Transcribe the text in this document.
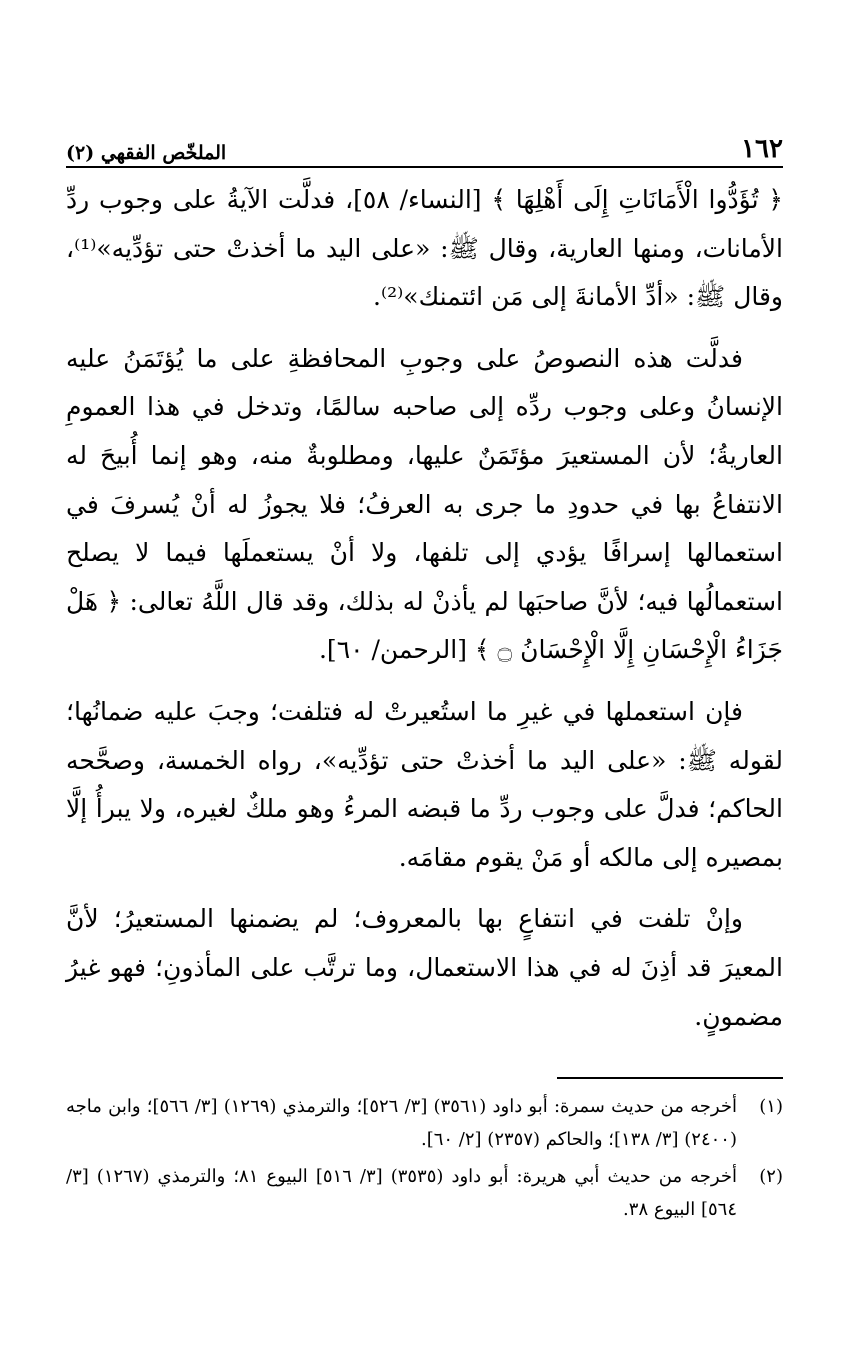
١٦٢
الملخّص الفقهي (٢)

﴿ تُؤَدُّوا الْأَمَانَاتِ إِلَى أَهْلِهَا ﴾ [النساء/ ٥٨]، فدلَّت الآيةُ على وجوب ردِّ الأمانات، ومنها العارية، وقال ﷺ: «على اليد ما أخذتْ حتى تؤدِّيه»⁽¹⁾، وقال ﷺ: «أدِّ الأمانةَ إلى مَن ائتمنك»⁽²⁾.

فدلَّت هذه النصوصُ على وجوبِ المحافظةِ على ما يُؤتَمَنُ عليه الإنسانُ وعلى وجوب ردِّه إلى صاحبه سالمًا، وتدخل في هذا العمومِ العاريةُ؛ لأن المستعيرَ مؤتَمَنٌ عليها، ومطلوبةٌ منه، وهو إنما أُبيحَ له الانتفاعُ بها في حدودِ ما جرى به العرفُ؛ فلا يجوزُ له أنْ يُسرفَ في استعمالها إسرافًا يؤدي إلى تلفها، ولا أنْ يستعملَها فيما لا يصلح استعمالُها فيه؛ لأنَّ صاحبَها لم يأذنْ له بذلك، وقد قال اللَّهُ تعالى: ﴿ هَلْ جَزَاءُ الْإِحْسَانِ إِلَّا الْإِحْسَانُ ۝ ﴾ [الرحمن/ ٦٠].

فإن استعملها في غيرِ ما استُعيرتْ له فتلفت؛ وجبَ عليه ضمانُها؛ لقوله ﷺ: «على اليد ما أخذتْ حتى تؤدِّيه»، رواه الخمسة، وصحَّحه الحاكم؛ فدلَّ على وجوب ردِّ ما قبضه المرءُ وهو ملكٌ لغيره، ولا يبرأُ إلَّا بمصيره إلى مالكه أو مَنْ يقوم مقامَه.

وإنْ تلفت في انتفاعٍ بها بالمعروف؛ لم يضمنها المستعيرُ؛ لأنَّ المعيرَ قد أذِنَ له في هذا الاستعمال، وما ترتَّب على المأذونِ؛ فهو غيرُ مضمونٍ.

(١)
أخرجه من حديث سمرة: أبو داود (٣٥٦١) [٣/ ٥٢٦]؛ والترمذي (١٢٦٩) [٣/ ٥٦٦]؛ وابن ماجه (٢٤٠٠) [٣/ ١٣٨]؛ والحاكم (٢٣٥٧) [٢/ ٦٠].
(٢)
أخرجه من حديث أبي هريرة: أبو داود (٣٥٣٥) [٣/ ٥١٦] البيوع ٨١؛ والترمذي (١٢٦٧) [٣/ ٥٦٤] البيوع ٣٨.
